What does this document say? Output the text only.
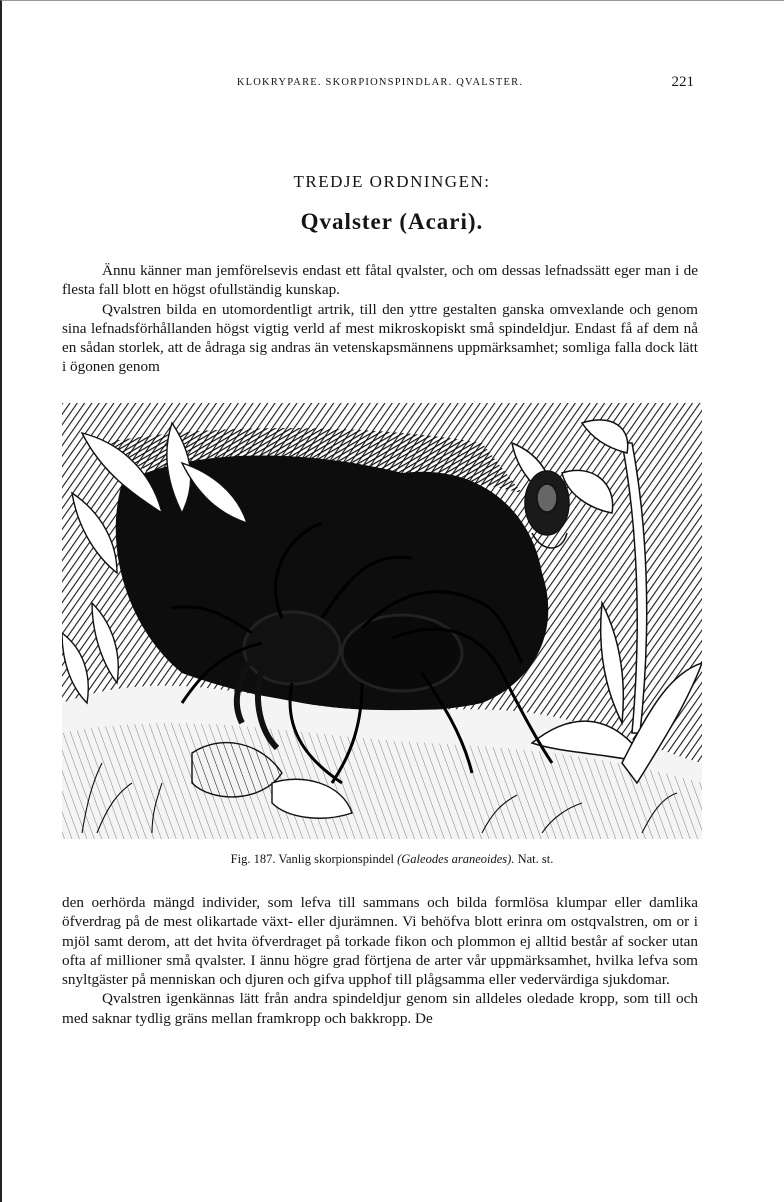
KLOKRYPARE. SKORPIONSPINDLAR. QVALSTER.	221
TREDJE ORDNINGEN:
Qvalster (Acari).

Ännu känner man jemförelsevis endast ett fåtal qvalster, och om dessas lefnadssätt eger man i de flesta fall blott en högst ofullständig kunskap.

Qvalstren bilda en utomordentligt artrik, till den yttre gestalten ganska omvexlande och genom sina lefnadsförhållanden högst vigtig verld af mest mikroskopiskt små spindeldjur. Endast få af dem nå en sådan storlek, att de ådraga sig andras än vetenskapsmännens uppmärksamhet; somliga falla dock lätt i ögonen genom

Fig. 187. Vanlig skorpionspindel (Galeodes araneoides). Nat. st.

den oerhörda mängd individer, som lefva till sammans och bilda formlösa klumpar eller damlika öfverdrag på de mest olikartade växt- eller djurämnen. Vi behöfva blott erinra om ostqvalstren, om or i mjöl samt derom, att det hvita öfverdraget på torkade fikon och plommon ej alltid består af socker utan ofta af millioner små qvalster. I ännu högre grad förtjena de arter vår uppmärksamhet, hvilka lefva som snyltgäster på menniskan och djuren och gifva upphof till plågsamma eller vedervärdiga sjukdomar.

Qvalstren igenkännas lätt från andra spindeldjur genom sin alldeles oledade kropp, som till och med saknar tydlig gräns mellan framkropp och bakkropp. De
